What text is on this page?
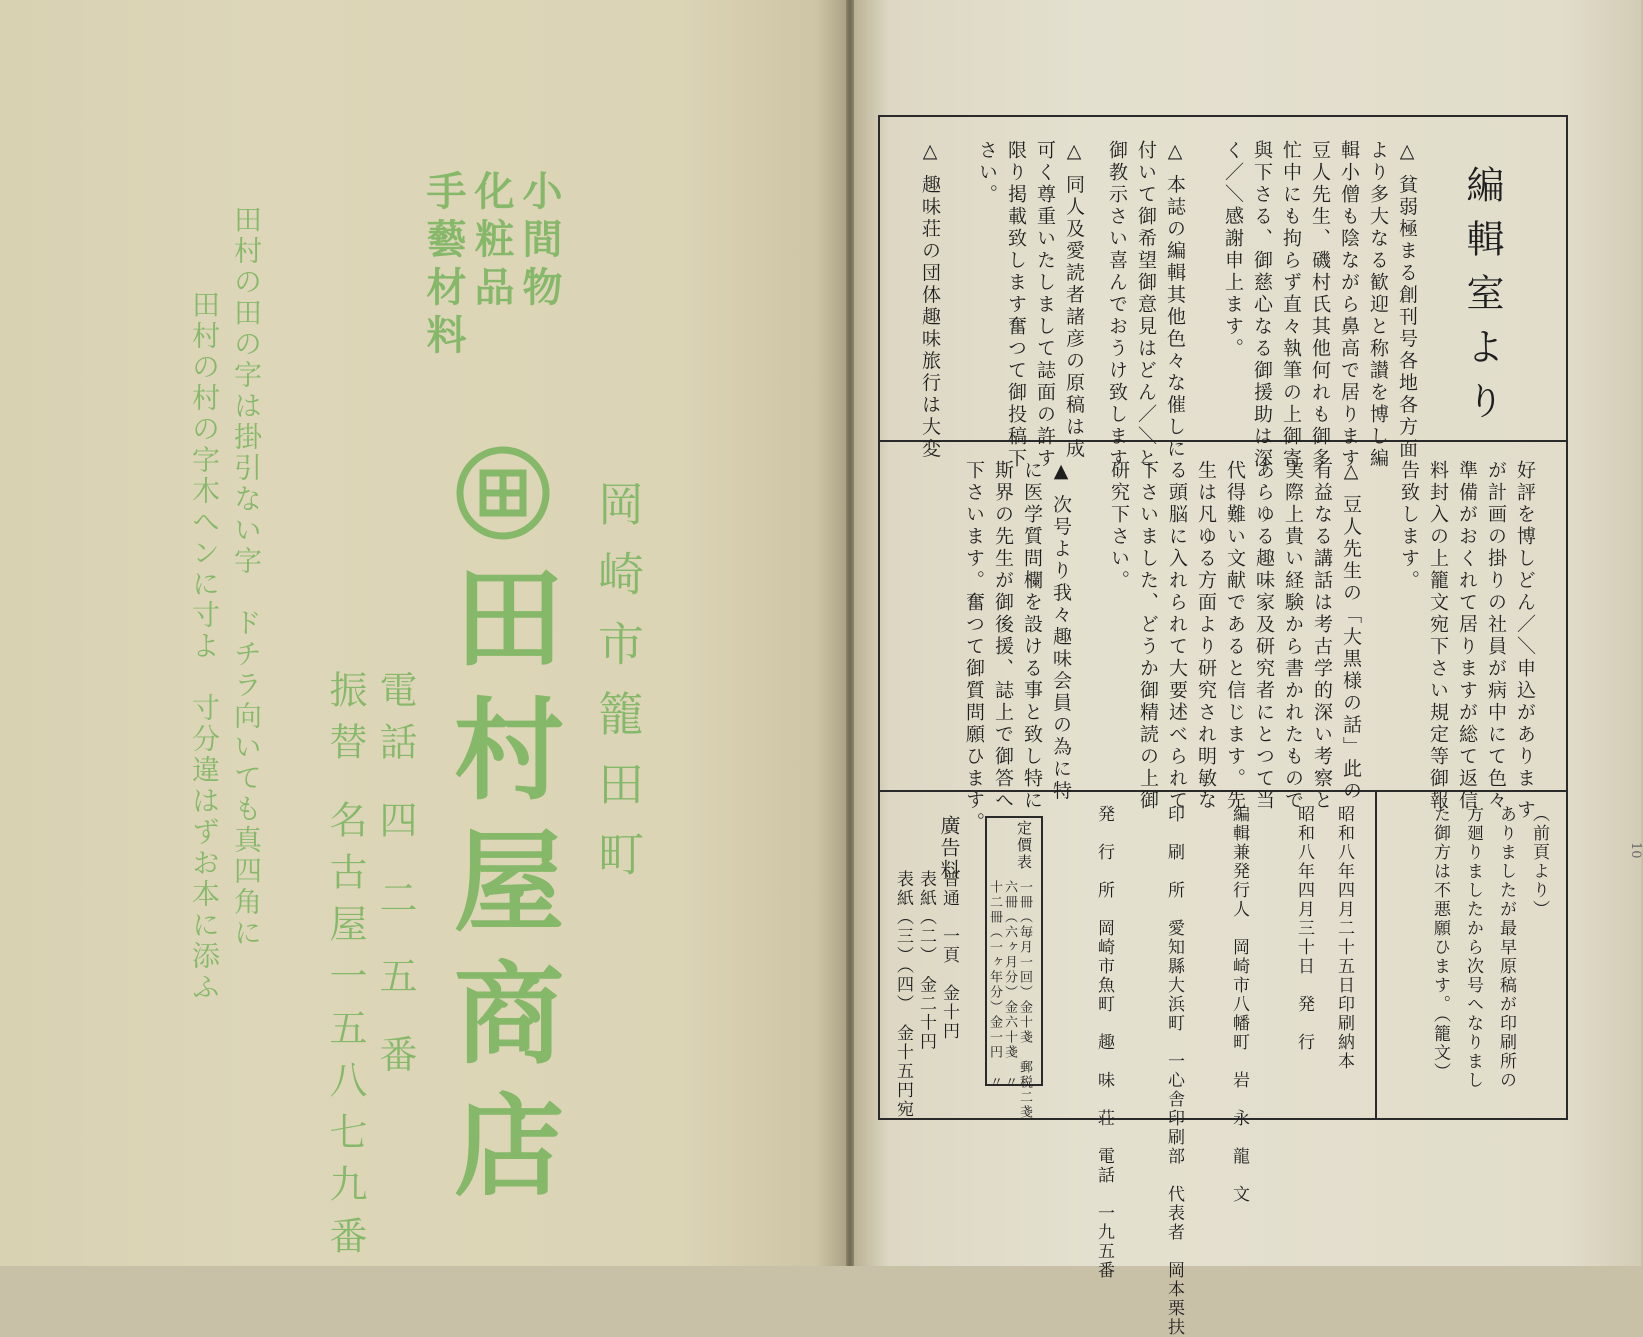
小間物
化粧品
手藝材料
岡崎市籠田町
田村屋商店
電話 四 二 五 番
振替 名古屋一五八七九番
田村の田の字は掛引ない字　ドチラ向いても真四角に
田村の村の字木へンに寸よ　寸分違はずお本に添ふ	編輯室より
△ 貧弱極まる創刊号各地各方面
より多大なる歓迎と称讃を博し編
輯小僧も陰ながら鼻高で居ります
豆人先生、磯村氏其他何れも御多
忙中にも拘らず直々執筆の上御寄
與下さる、御慈心なる御援助は深
く／＼感謝申上ます。
△ 本誌の編輯其他色々な催しに
付いて御希望御意見はどん／＼と
御教示さい喜んでおうけ致します
△ 同人及愛読者諸彦の原稿は成
可く尊重いたしまして誌面の許す
限り掲載致します奮つて御投稿下
さい。
△ 趣味荘の団体趣味旅行は大変
好評を博しどん／＼申込がありま す
が計画の掛りの社員が病中にて色々
準備がおくれて居りますが総て返信
料封入の上籠文宛下さい規定等御報
告致します。
△ 豆人先生の「大黒様の話」此の
有益なる講話は考古学的深い考察と
実際上貴い経験から書かれたもので
あらゆる趣味家及研究者にとつて当
代得難い文献であると信じます。先
生は凡ゆる方面より研究され明敏な
る頭脳に入れられて大要述べられて
下さいました、どうか御精読の上御
研究下さい。
▲ 次号より我々趣味会員の為に特
に医学質問欄を設ける事と致し特に
斯界の先生が御後援、誌上で御答へ
下さいます。奮つて御質問願ひます。
（前頁より）
ありましたが最早原稿が印刷所の
方廻りましたから次号へなりまし
た御方は不悪願ひます。（籠文）
昭和八年四月二十五日印刷納本
昭和八年四月三十日　発　行
編輯兼発行人　岡崎市八幡町　岩　永　龍　文
印　刷　所　愛知縣大浜町　一心舎印刷部　代表者　岡本栗扶
発　行　所　岡崎市魚町　趣　味　荘　電話　一九五番
定價表
一冊（毎月一回）金十戔　郵税二戔
六冊（六ヶ月分）金六十戔　〃
十二冊（一ヶ年分）金一円　〃
廣告料
普通　一頁　金十円
表紙（二）　金二十円
表紙（三）（四）　金十五円宛
10
